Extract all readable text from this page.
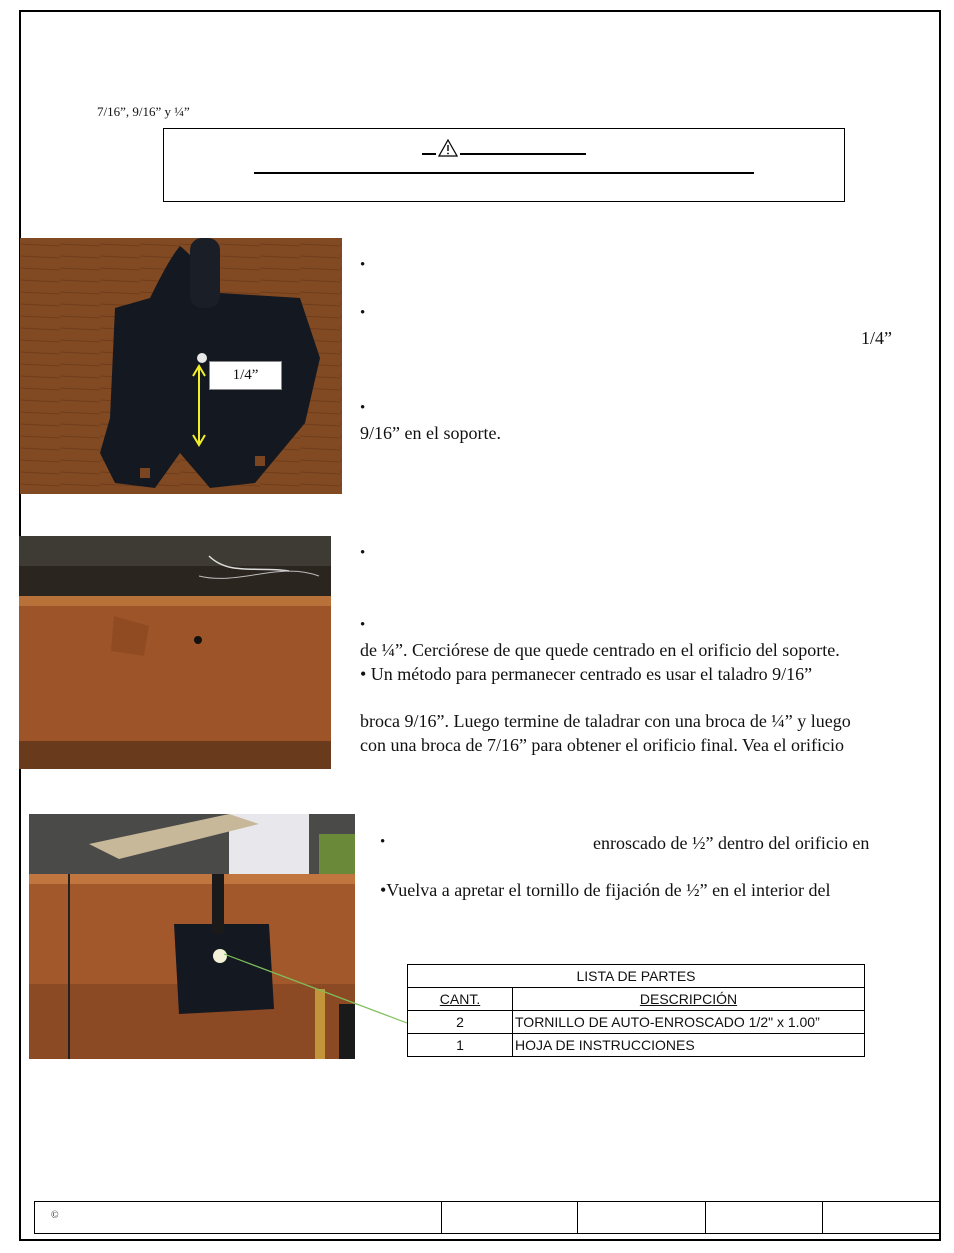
7/16”, 9/16” y ¼”
1/4”
•
•
1/4”
•
9/16” en el soporte.
•
•
de ¼”. Cerciórese de que quede centrado en el orificio del soporte.
• Un método para permanecer centrado es usar el taladro 9/16”
broca 9/16”. Luego termine de taladrar con una broca de ¼” y luego
con una broca de 7/16” para obtener el orificio final. Vea el orificio
•	enroscado de ½” dentro del orificio en
•Vuelva a apretar el tornillo de fijación de ½” en el interior del
LISTA DE PARTES	
CANT.	DESCRIPCIÓN
2	TORNILLO DE AUTO-ENROSCADO 1/2" x 1.00”
1	HOJA DE INSTRUCCIONES
©
